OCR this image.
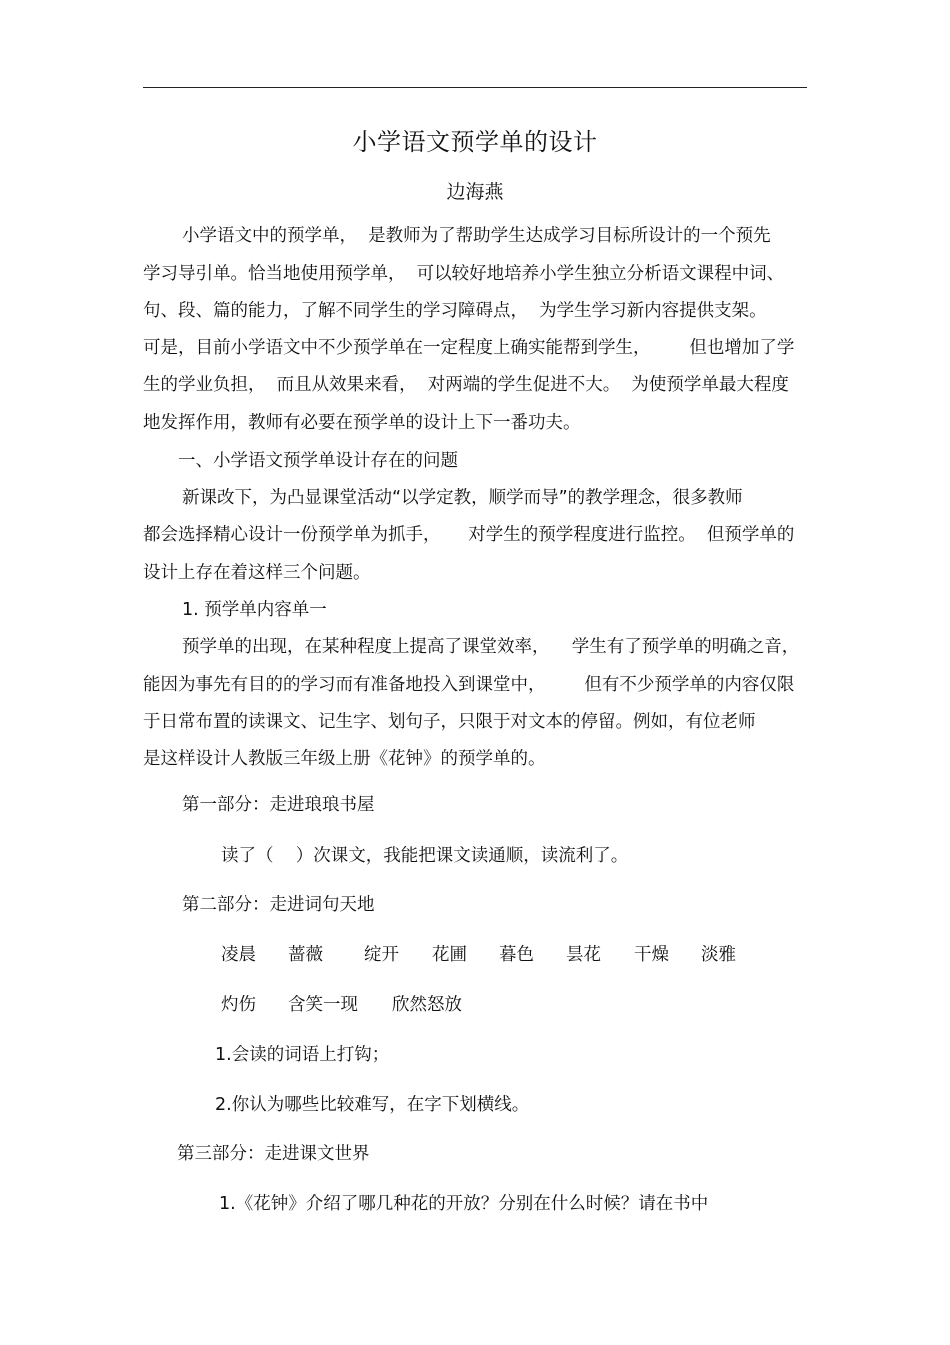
小学语文预学单的设计
边海燕
小学语文中的预学单，  是教师为了帮助学生达成学习目标所设计的一个预先
学习导引单。恰当地使用预学单，  可以较好地培养小学生独立分析语文课程中词、
句、段、篇的能力，了解不同学生的学习障碍点，  为学生学习新内容提供支架。
可是，目前小学语文中不少预学单在一定程度上确实能帮到学生，       但也增加了学
生的学业负担，  而且从效果来看，  对两端的学生促进不大。  为使预学单最大程度
地发挥作用，教师有必要在预学单的设计上下一番功夫。
一、小学语文预学单设计存在的问题
新课改下，为凸显课堂活动“以学定教，顺学而导”的教学理念，很多教师
都会选择精心设计一份预学单为抓手，     对学生的预学程度进行监控。  但预学单的
设计上存在着这样三个问题。
1. 预学单内容单一
预学单的出现，在某种程度上提高了课堂效率，    学生有了预学单的明确之音，
能因为事先有目的的学习而有准备地投入到课堂中，       但有不少预学单的内容仅限
于日常布置的读课文、记生字、划句子，只限于对文本的停留。例如，有位老师
是这样设计人教版三年级上册《花钟》的预学单的。
第一部分：走进琅琅书屋
读了（    ）次课文，我能把课文读通顺，读流利了。
第二部分：走进词句天地
凌晨 蔷薇 绽开 花圃 暮色 昙花 干燥 淡雅
灼伤 含笑一现 欣然怒放
1.会读的词语上打钩；
2.你认为哪些比较难写，在字下划横线。
第三部分：走进课文世界
1.《花钟》介绍了哪几种花的开放？分别在什么时候？请在书中
